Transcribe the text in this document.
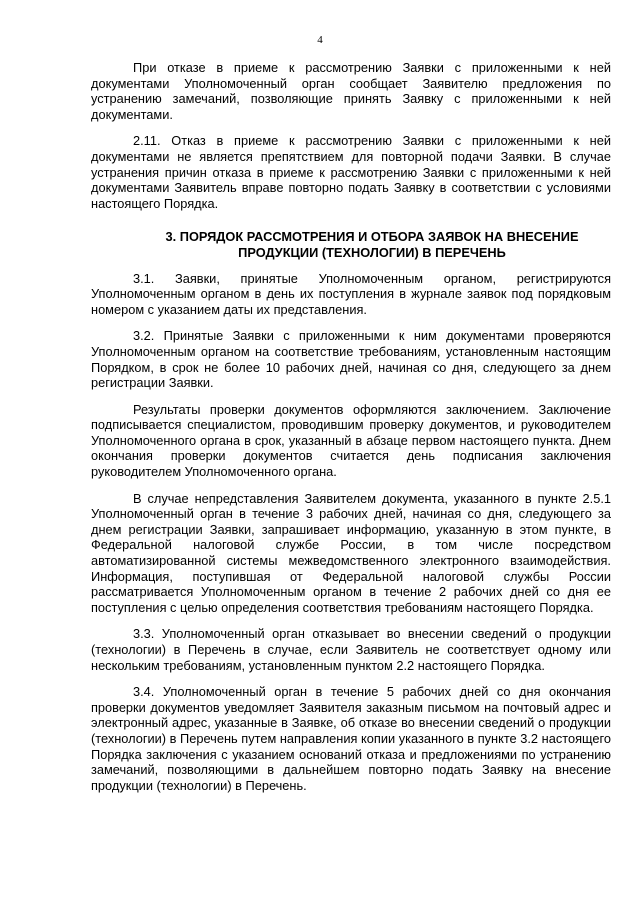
4

При отказе в приеме к рассмотрению Заявки с приложенными к ней документами Уполномоченный орган сообщает Заявителю предложения по устранению замечаний, позволяющие принять Заявку с приложенными к ней документами.

2.11. Отказ в приеме к рассмотрению Заявки с приложенными к ней документами не является препятствием для повторной подачи Заявки. В случае устранения причин отказа в приеме к рассмотрению Заявки с приложенными к ней документами Заявитель вправе повторно подать Заявку в соответствии с условиями настоящего Порядка.

3. ПОРЯДОК РАССМОТРЕНИЯ И ОТБОРА ЗАЯВОК НА ВНЕСЕНИЕ ПРОДУКЦИИ (ТЕХНОЛОГИИ) В ПЕРЕЧЕНЬ

3.1. Заявки, принятые Уполномоченным органом, регистрируются Уполномоченным органом в день их поступления в журнале заявок под порядковым номером с указанием даты их представления.

3.2. Принятые Заявки с приложенными к ним документами проверяются Уполномоченным органом на соответствие требованиям, установленным настоящим Порядком, в срок не более 10 рабочих дней, начиная со дня, следующего за днем регистрации Заявки.

Результаты проверки документов оформляются заключением. Заключение подписывается специалистом, проводившим проверку документов, и руководителем Уполномоченного органа в срок, указанный в абзаце первом настоящего пункта. Днем окончания проверки документов считается день подписания заключения руководителем Уполномоченного органа.

В случае непредставления Заявителем документа, указанного в пункте 2.5.1 Уполномоченный орган в течение 3 рабочих дней, начиная со дня, следующего за днем регистрации Заявки, запрашивает информацию, указанную в этом пункте, в Федеральной налоговой службе России, в том числе посредством автоматизированной системы межведомственного электронного взаимодействия. Информация, поступившая от Федеральной налоговой службы России рассматривается Уполномоченным органом в течение 2 рабочих дней со дня ее поступления с целью определения соответствия требованиям настоящего Порядка.

3.3. Уполномоченный орган отказывает во внесении сведений о продукции (технологии) в Перечень в случае, если Заявитель не соответствует одному или нескольким требованиям, установленным пунктом 2.2 настоящего Порядка.

3.4. Уполномоченный орган в течение 5 рабочих дней со дня окончания проверки документов уведомляет Заявителя заказным письмом на почтовый адрес и электронный адрес, указанные в Заявке, об отказе во внесении сведений о продукции (технологии) в Перечень путем направления копии указанного в пункте 3.2 настоящего Порядка заключения с указанием оснований отказа и предложениями по устранению замечаний, позволяющими в дальнейшем повторно подать Заявку на внесение продукции (технологии) в Перечень.
